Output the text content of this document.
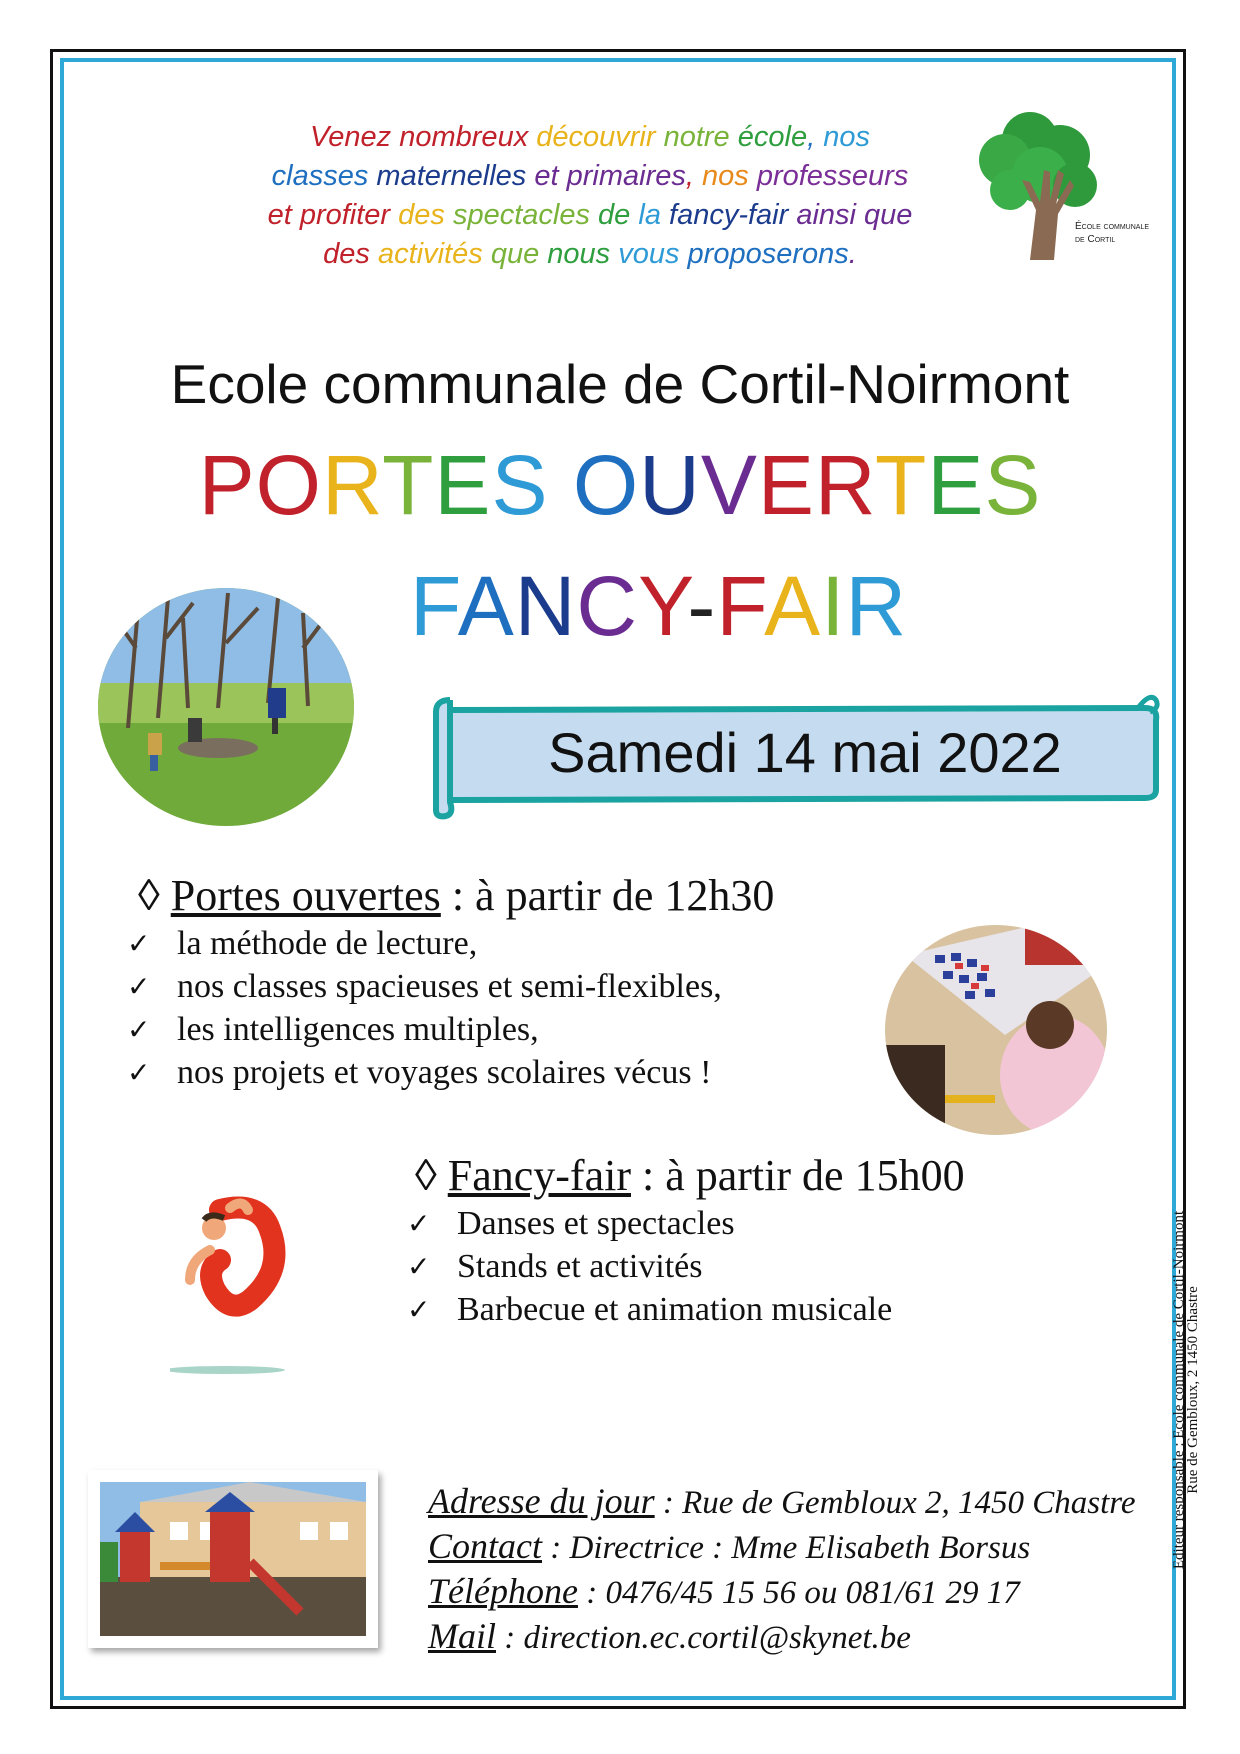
Venez nombreux découvrir notre école, nos
classes maternelles et primaires, nos professeurs
et profiter des spectacles de la fancy-fair ainsi que
des activités que nous vous proposerons.
École communale
de Cortil
Ecole communale de Cortil-Noirmont
PORTES OUVERTES
FANCY-FAIR
Samedi 14 mai 2022
◊ Portes ouvertes : à partir de 12h30
✓ la méthode de lecture,
✓ nos classes spacieuses et semi-flexibles,
✓ les intelligences multiples,
✓ nos projets et voyages scolaires vécus !
◊ Fancy-fair : à partir de 15h00
✓ Danses et spectacles
✓ Stands et activités
✓ Barbecue et animation musicale
Adresse du jour : Rue de Gembloux 2, 1450 Chastre
Contact : Directrice : Mme Elisabeth Borsus
Téléphone : 0476/45 15 56 ou 081/61 29 17
Mail : direction.ec.cortil@skynet.be
Editeur responsable : Ecole communale de Cortil-Noirmont
Rue de Gembloux, 2 1450 Chastre
